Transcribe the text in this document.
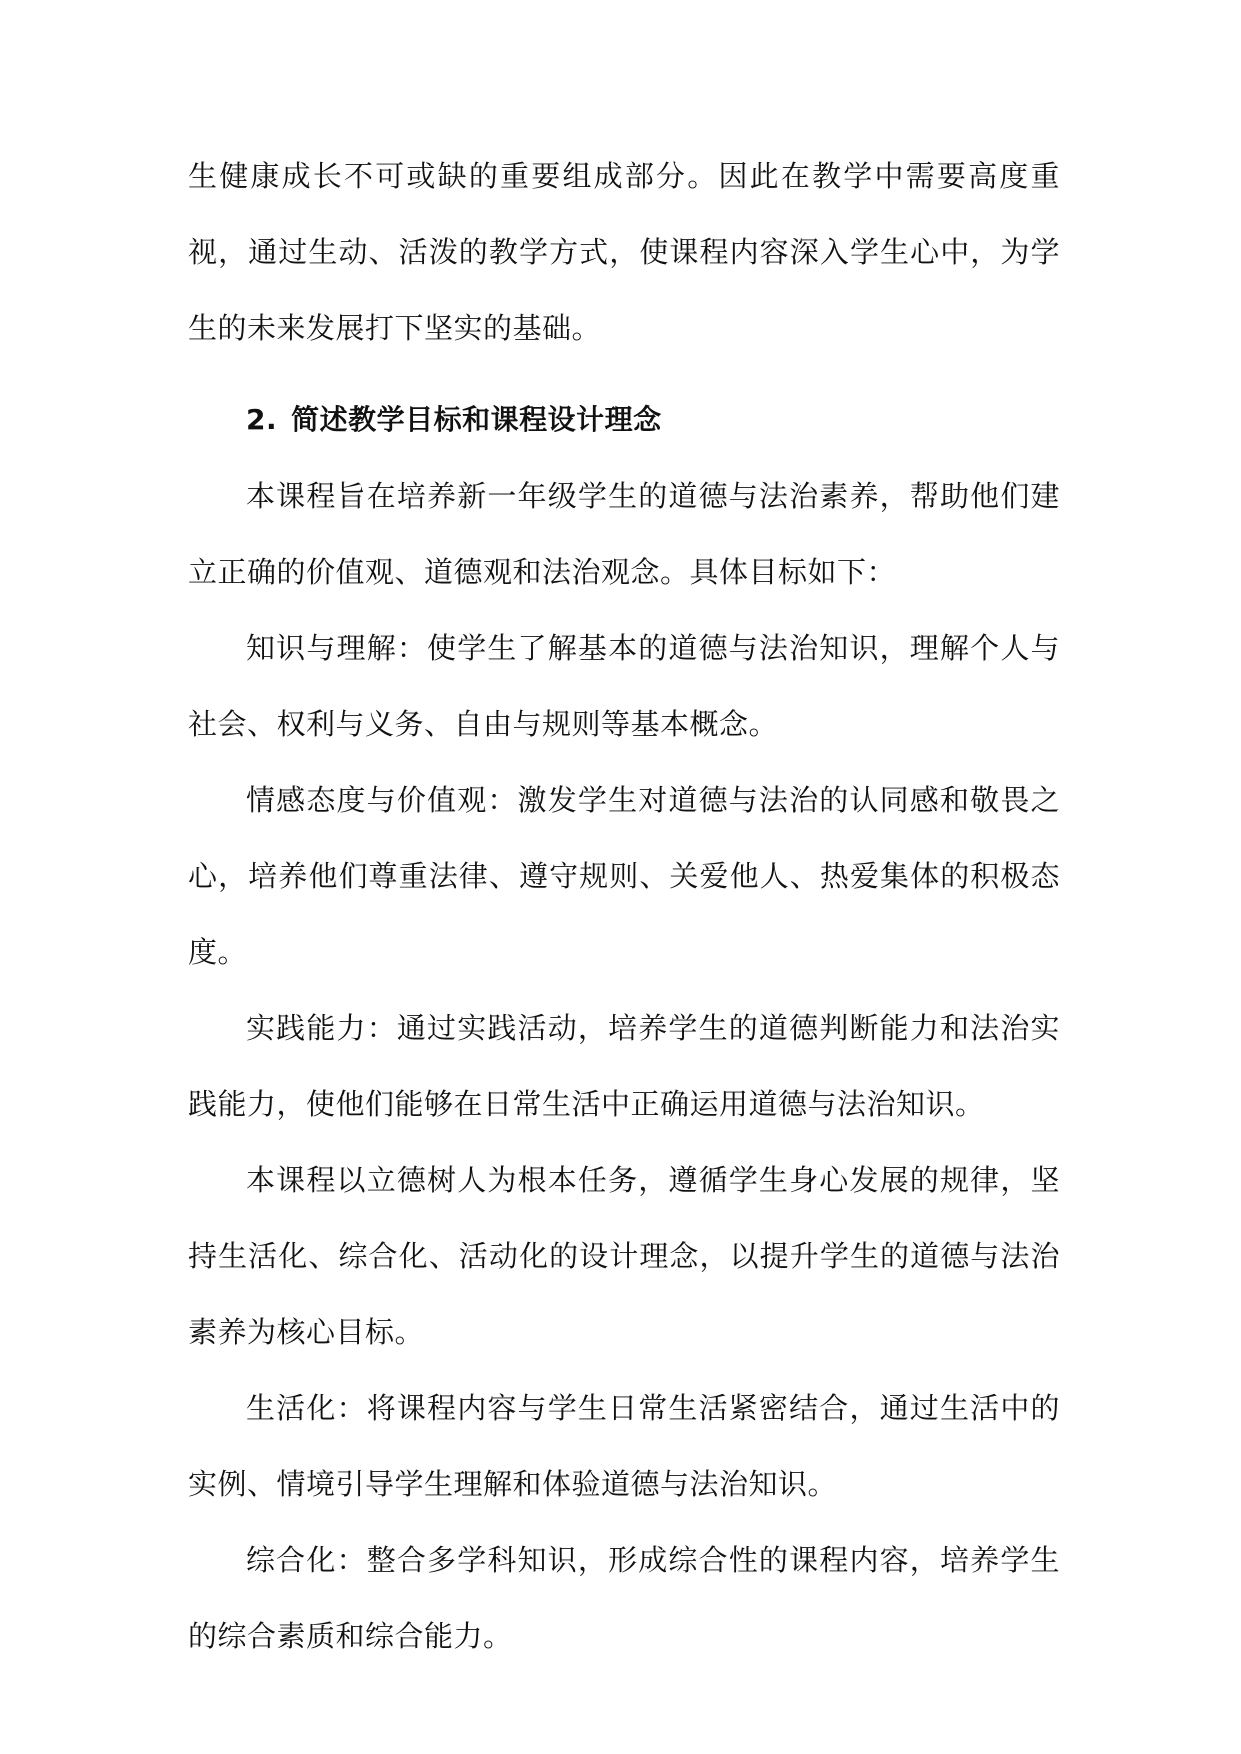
生健康成长不可或缺的重要组成部分。因此在教学中需要高度重视，通过生动、活泼的教学方式，使课程内容深入学生心中，为学生的未来发展打下坚实的基础。

2. 简述教学目标和课程设计理念

本课程旨在培养新一年级学生的道德与法治素养，帮助他们建立正确的价值观、道德观和法治观念。具体目标如下：

知识与理解：使学生了解基本的道德与法治知识，理解个人与社会、权利与义务、自由与规则等基本概念。

情感态度与价值观：激发学生对道德与法治的认同感和敬畏之心，培养他们尊重法律、遵守规则、关爱他人、热爱集体的积极态度。

实践能力：通过实践活动，培养学生的道德判断能力和法治实践能力，使他们能够在日常生活中正确运用道德与法治知识。

本课程以立德树人为根本任务，遵循学生身心发展的规律，坚持生活化、综合化、活动化的设计理念，以提升学生的道德与法治素养为核心目标。

生活化：将课程内容与学生日常生活紧密结合，通过生活中的实例、情境引导学生理解和体验道德与法治知识。

综合化：整合多学科知识，形成综合性的课程内容，培养学生的综合素质和综合能力。
